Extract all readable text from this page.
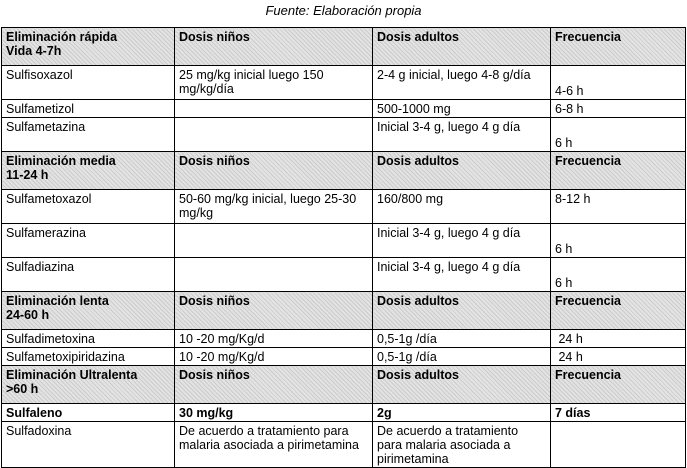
Fuente: Elaboración propia
Eliminación rápida
Vida 4-7h	Dosis niños	Dosis adultos	Frecuencia
Sulfisoxazol	25 mg/kg inicial luego 150 mg/kg/día	2-4 g inicial, luego 4-8 g/día	4-6 h
Sulfametizol		500-1000 mg	6-8 h
Sulfametazina		Inicial 3-4 g, luego 4 g día	6 h
Eliminación media
11-24 h	Dosis niños	Dosis adultos	Frecuencia
Sulfametoxazol	50-60 mg/kg inicial, luego 25-30 mg/kg	160/800 mg	8-12 h
Sulfamerazina		Inicial 3-4 g, luego 4 g día	6 h
Sulfadiazina		Inicial 3-4 g, luego 4 g día	6 h
Eliminación lenta
24-60 h	Dosis niños	Dosis adultos	Frecuencia
Sulfadimetoxina	10 -20 mg/Kg/d	0,5-1g /día	24 h
Sulfametoxipiridazina	10 -20 mg/Kg/d	0,5-1g /día	24 h
Eliminación Ultralenta
>60 h	Dosis niños	Dosis adultos	Frecuencia
Sulfaleno	30 mg/kg	2g	7 días
Sulfadoxina	De acuerdo a tratamiento para malaria asociada a pirimetamina	De acuerdo a tratamiento para malaria asociada a pirimetamina	
